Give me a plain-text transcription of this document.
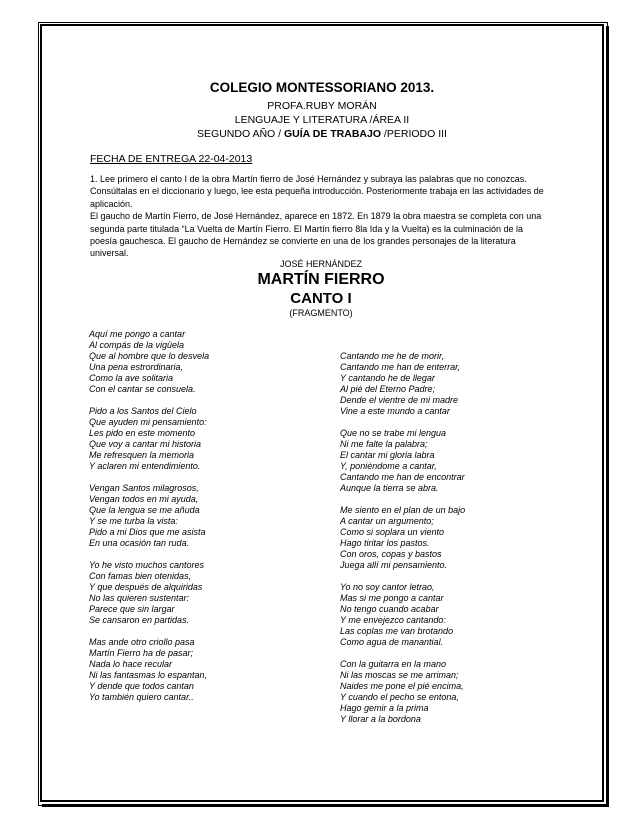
COLEGIO MONTESSORIANO 2013.
PROFA.RUBY MORÁN
LENGUAJE Y LITERATURA /ÁREA II
SEGUNDO AÑO / GUÍA DE TRABAJO /PERIODO III
FECHA DE ENTREGA 22-04-2013

1. Lee primero el canto I de la obra Martín fierro de José Hernández y subraya las palabras que no conozcas. Consúltalas en el diccionario y luego, lee esta pequeña introducción. Posteriormente trabaja en las actividades de aplicación.

El gaucho de Martín Fierro, de José Hernández, aparece en 1872. En 1879 la obra maestra se completa con una segunda parte titulada “La Vuelta de Martín Fierro. El Martín fierro 8la Ida y la Vuelta) es la culminación de la poesía gauchesca. El gaucho de Hernández se convierte en una de los grandes personajes de la literatura universal.

JOSÉ HERNÁNDEZ
MARTÍN FIERRO
CANTO I
(FRAGMENTO)
Aquí me pongo a cantar
Al compás de la vigüela
Que al hombre que lo desvela
Una pena estrordinaria,
Como la ave solitaria
Con el cantar se consuela.
Pido a los Santos del Cielo
Que ayuden mi pensamiento:
Les pido en este momento
Que voy a cantar mi historia
Me refresquen la memoria
Y aclaren mi entendimiento.
Vengan Santos milagrosos,
Vengan todos en mi ayuda,
Que la lengua se me añuda
Y se me turba la vista:
Pido a mi Dios que me asista
En una ocasión tan ruda.
Yo he visto muchos cantores
Con famas bien otenidas,
Y que después de alquiridas
No las quieren sustentar:
Parece que sin largar
Se cansaron en partidas.
Mas ande otro criollo pasa
Martín Fierro ha de pasar;
Nada lo hace recular
Ni las fantasmas lo espantan,
Y dende que todos cantan
Yo también quiero cantar..
Cantando me he de morir,
Cantando me han de enterrar,
Y cantando he de llegar
Al pié del Eterno Padre;
Dende el vientre de mi madre
Vine a este mundo a cantar
Que no se trabe mi lengua
Ni me falte la palabra;
El cantar mi gloria labra
Y, poniéndome a cantar,
Cantando me han de encontrar
Aunque la tierra se abra.
Me siento en el plan de un bajo
A cantar un argumento;
Como si soplara un viento
Hago tiritar los pastos.
Con oros, copas y bastos
Juega allí mi pensamiento.
Yo no soy cantor letrao,
Mas si me pongo a cantar
No tengo cuando acabar
Y me envejezco cantando:
Las coplas me van brotando
Como agua de manantial.
Con la guitarra en la mano
Ni las moscas se me arriman;
Naides me pone el pié encima,
Y cuando el pecho se entona,
Hago gemir a la prima
Y llorar a la bordona
